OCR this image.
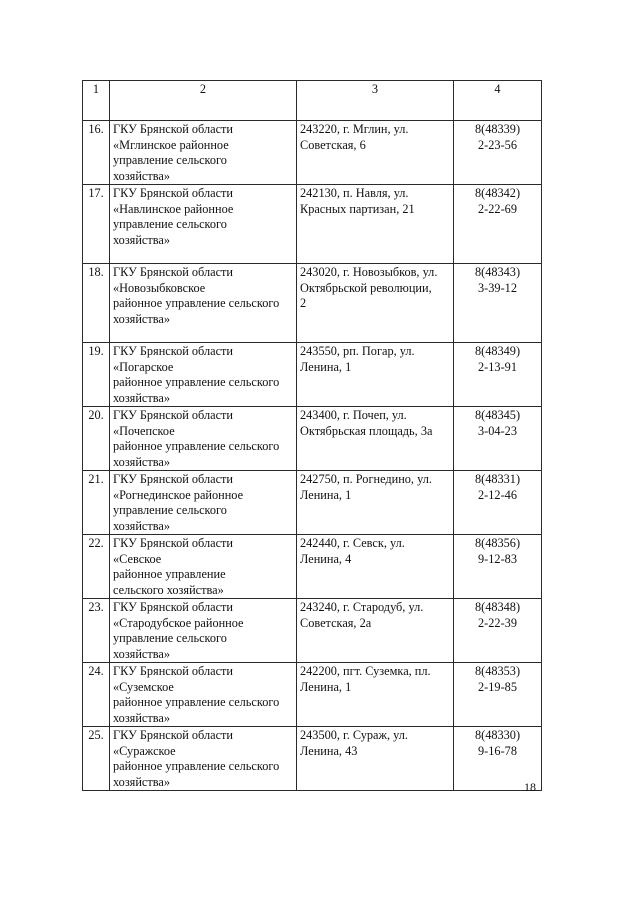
1	2	3	4
16.	ГКУ Брянской области
«Мглинское районное
управление сельского
хозяйства»	243220, г. Мглин, ул.
Советская, 6	8(48339)
2-23-56

17.	ГКУ Брянской области
«Навлинское районное
управление сельского
хозяйства»	242130, п. Навля, ул.
Красных партизан, 21	8(48342)
2-22-69

18.	ГКУ Брянской области
«Новозыбковское
районное управление сельского
хозяйства»	243020, г. Новозыбков, ул.
Октябрьской революции,
2	8(48343)
3-39-12

19.	ГКУ Брянской области
«Погарское
районное управление сельского
хозяйства»	243550, рп. Погар, ул.
Ленина, 1	8(48349)
2-13-91

20.	ГКУ Брянской области
«Почепское
районное управление сельского
хозяйства»	243400, г. Почеп, ул.
Октябрьская площадь, 3а	8(48345)
3-04-23

21.	ГКУ Брянской области
«Рогнединское районное
управление сельского
хозяйства»	242750, п. Рогнедино, ул.
Ленина, 1	8(48331)
2-12-46

22.	ГКУ Брянской области
«Севское
районное управление
сельского хозяйства»	242440, г. Севск, ул.
Ленина, 4	8(48356)
9-12-83

23.	ГКУ Брянской области
«Стародубское районное
управление сельского
хозяйства»	243240, г. Стародуб, ул.
Советская, 2а	8(48348)
2-22-39

24.	ГКУ Брянской области
«Суземское
районное управление сельского
хозяйства»	242200, пгт. Суземка, пл.
Ленина, 1	8(48353)
2-19-85

25.	ГКУ Брянской области
«Суражское
районное управление сельского
хозяйства»	243500, г. Сураж, ул.
Ленина, 43	8(48330)
9-16-78
18
